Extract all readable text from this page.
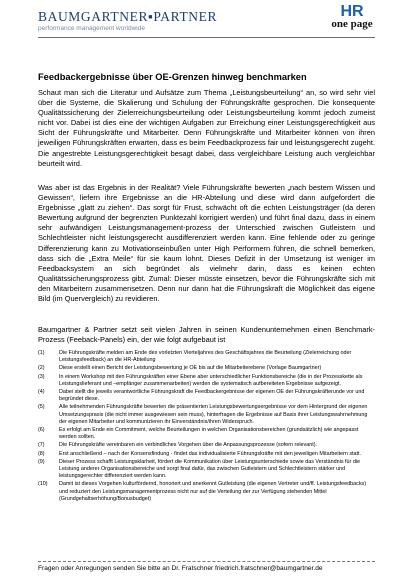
BAUMGARTNER▪PARTNER
performance management worldwide
HR
one page
Feedbackergebnisse über OE-Grenzen hinweg benchmarken
Schaut man sich die Literatur und Aufsätze zum Thema „Leistungsbeurteilung“ an, so wird sehr viel über die Systeme, die Skalierung und Schulung der Führungskräfte gesprochen. Die konsequente Qualitätssicherung der Zielerreichungsbeurteilung oder Leistungsbeurteilung kommt jedoch zumeist nicht vor. Dabei ist dies eine der wichtigen Aufgaben zur Erreichung einer Leistungsgerechtigkeit aus Sicht der Führungskräfte und Mitarbeiter. Denn Führungskräfte und Mitarbeiter können von ihren jeweiligen Führungskräften erwarten, dass es beim Feedbackprozess fair und leistungsgerecht zugeht. Die angestrebte Leistungsgerechtigkeit besagt dabei, dass vergleichbare Leistung auch vergleichbar beurteilt wird.
Was aber ist das Ergebnis in der Realität? Viele Führungskräfte bewerten „nach bestem Wissen und Gewissen“, liefern ihre Ergebnisse an die HR-Abteilung und diese wird dann aufgefordert die Ergebnisse „glatt zu ziehen“. Das sorgt für Frust, schwächt oft die echten Leistungsträger (da deren Bewertung aufgrund der begrenzten Punktezahl korrigiert werden) und führt final dazu, dass in einem sehr aufwändigen Leistungsmanagement-prozess der Unterschied zwischen Gutleistern und Schlechtleister nicht leistungsgerecht ausdifferenziert werden kann. Eine fehlende oder zu geringe Differenzierung kann zu Motivationseinbußen unter High Performern führen, die schnell bemerken, dass sich die „Extra Meile“ für sie kaum lohnt. Dieses Defizit in der Umsetzung ist weniger im Feedbacksystem an sich begründet als vielmehr darin, dass es keinen echten Qualitätssicherungsprozess gibt. Zumal: Dieser müsste einsetzen, bevor die Führungskräfte sich mit den Mitarbeitern zusammensetzen. Denn nur dann hat die Führungskraft die Möglichkeit das eigene Bild (im Quervergleich) zu revidieren.
Baumgartner & Partner setzt seit vielen Jahren in seinen Kundenunternehmen einen Benchmark-Prozess (Feeback-Panels) ein, der wie folgt aufgebaut ist
(1)	Die Führungskräfte melden am Ende des vorletzten Vierteljahres des Geschäftsjahres die Beurteilung (Zielerreichung oder Leistungsfeedback) an die HR-Abteilung
(2)	Diese erstellt einen Bericht der Leistungsbewertung je OE bis auf die Mitarbeiterebene (Vorlage Baumgartner)
(3)	In einem Workshop mit den Führungskräften einer Ebene aber unterschiedlicher Funktionsbereiche (die in der Prozesskette als Leistungslieferant und –empfänger zusammenarbeiten) werden die systematisch aufbereiteten Ergebnisse aufgezeigt.
(4)	Dabei stellt die jeweils verantwortliche Führungskraft die Feedbackergebnisse der eigenen OE der Führungskräfterunde vor und begründet diese.
(5)	Alle teilnehmenden Führungskräfte bewerten die präsentierten Leistungsbewertungsergebnisse vor dem Hintergrund der eigenen Umsetzungspraxis (die nicht immer ausgewiesen sein muss), hinterfragen die Ergebnisse auf Basis ihrer Leistungswahrnehmung der eigenen Mitarbeiter und kommunizieren ihr Einverständnis/ihren Widerspruch.
(6)	Es erfolgt am Ende ein Commitment, welche Beurteilungen in welchen Organisationsbereichen (grundsätzlich) wie angepasst werden sollten.
(7)	Die Führungskräfte vereinbaren ein verbindliches Vorgehen über die Anpassungsprozesse (sofern relevant).
(8)	Erst anschließend – nach der Konsensfindung - findet das individualisierte Führungskräfte mit den jeweiligen Mitarbeitern statt.
(9)	Dieser Prozess schafft Leistungsklarheit, fördert die Kommunikation über Leistungsunterschiede sowie das Verständnis für die Leistung anderer Organisationsbereiche und sorgt final dafür, das zwischen Gutleistern und Schlechtleistern stärker und leistungsgerechter differenziert werden kann.
(10)	Damit ist dieses Vorgehen kulturfördernd, honoriert und anerkennt Gutleistung (die eigenen Vertreter und/ff. Leistungsfeedbacks) und reduziert den Leistungsmanagementprozess nicht nur auf die Verteilung der zur Verfügung stehenden Mittel (Grundgehaltserhöhung/Bonusbudget)
Fragen oder Anregungen senden Sie bitte an Dr. Fratschner friedrich.fratschner@baumgartner.de
